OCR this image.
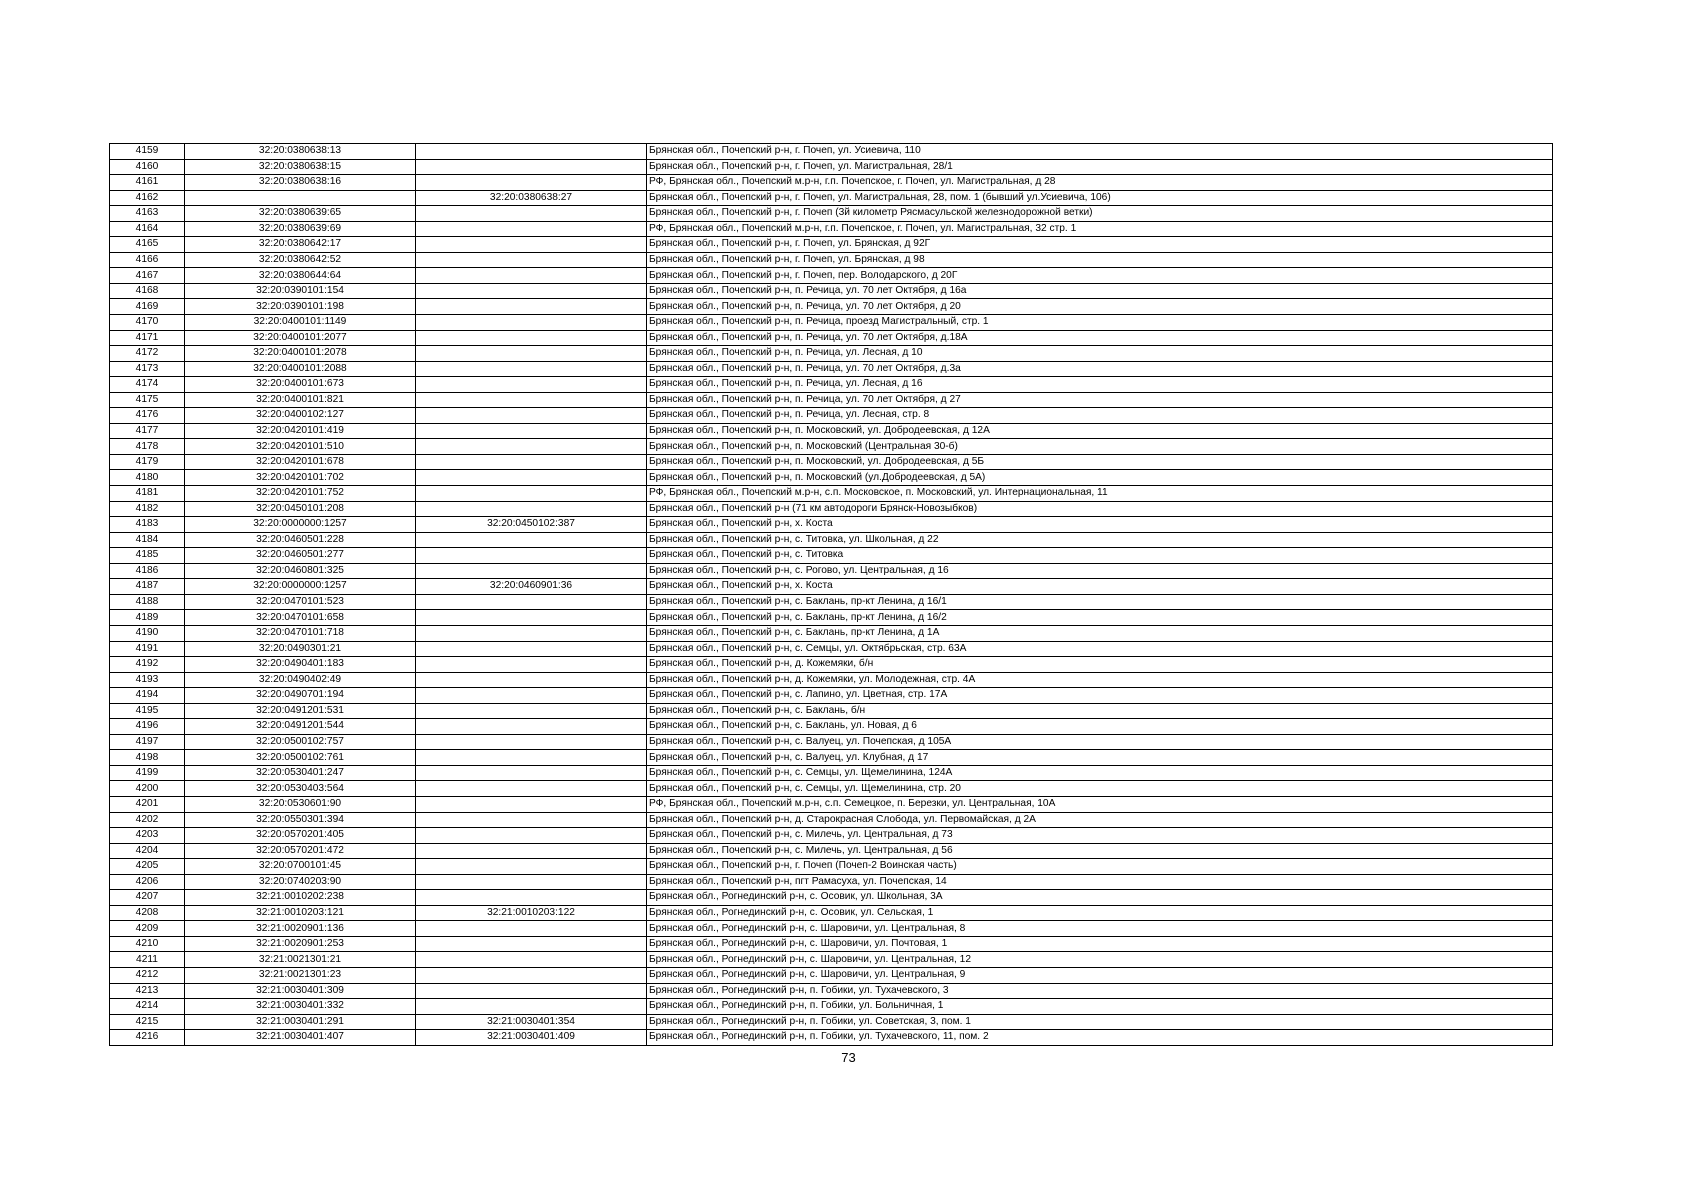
4159	32:20:0380638:13		Брянская обл., Почепский р-н, г. Почеп, ул. Усиевича, 110
4160	32:20:0380638:15		Брянская обл., Почепский р-н, г. Почеп, ул. Магистральная, 28/1
4161	32:20:0380638:16		РФ, Брянская обл., Почепский м.р-н, г.п. Почепское, г. Почеп, ул. Магистральная, д 28
4162		32:20:0380638:27	Брянская обл., Почепский р-н, г. Почеп, ул. Магистральная, 28, пом. 1 (бывший ул.Усиевича, 106)
4163	32:20:0380639:65		Брянская обл., Почепский р-н, г. Почеп (3й километр Рясмасульской железнодорожной ветки)
4164	32:20:0380639:69		РФ, Брянская обл., Почепский м.р-н, г.п. Почепское, г. Почеп, ул. Магистральная, 32 стр. 1
4165	32:20:0380642:17		Брянская обл., Почепский р-н, г. Почеп, ул. Брянская, д 92Г
4166	32:20:0380642:52		Брянская обл., Почепский р-н, г. Почеп, ул. Брянская, д 98
4167	32:20:0380644:64		Брянская обл., Почепский р-н, г. Почеп, пер. Володарского, д 20Г
4168	32:20:0390101:154		Брянская обл., Почепский р-н, п. Речица, ул. 70 лет Октября, д 16а
4169	32:20:0390101:198		Брянская обл., Почепский р-н, п. Речица, ул. 70 лет Октября, д 20
4170	32:20:0400101:1149		Брянская обл., Почепский р-н, п. Речица, проезд Магистральный, стр. 1
4171	32:20:0400101:2077		Брянская обл., Почепский р-н, п. Речица, ул. 70 лет Октября, д.18А
4172	32:20:0400101:2078		Брянская обл., Почепский р-н, п. Речица, ул. Лесная, д 10
4173	32:20:0400101:2088		Брянская обл., Почепский р-н, п. Речица, ул. 70 лет Октября, д.3а
4174	32:20:0400101:673		Брянская обл., Почепский р-н, п. Речица, ул. Лесная, д 16
4175	32:20:0400101:821		Брянская обл., Почепский р-н, п. Речица, ул. 70 лет Октября, д 27
4176	32:20:0400102:127		Брянская обл., Почепский р-н, п. Речица, ул. Лесная, стр. 8
4177	32:20:0420101:419		Брянская обл., Почепский р-н, п. Московский, ул. Добродеевская, д 12А
4178	32:20:0420101:510		Брянская обл., Почепский р-н, п. Московский (Центральная 30-б)
4179	32:20:0420101:678		Брянская обл., Почепский р-н, п. Московский, ул. Добродеевская, д 5Б
4180	32:20:0420101:702		Брянская обл., Почепский р-н, п. Московский (ул.Добродеевская, д 5А)
4181	32:20:0420101:752		РФ, Брянская обл., Почепский м.р-н, с.п. Московское, п. Московский, ул. Интернациональная, 11
4182	32:20:0450101:208		Брянская обл., Почепский р-н (71 км автодороги Брянск-Новозыбков)
4183	32:20:0000000:1257	32:20:0450102:387	Брянская обл., Почепский р-н, х. Коста
4184	32:20:0460501:228		Брянская обл., Почепский р-н, с. Титовка, ул. Школьная, д 22
4185	32:20:0460501:277		Брянская обл., Почепский р-н, с. Титовка
4186	32:20:0460801:325		Брянская обл., Почепский р-н, с. Рогово, ул. Центральная, д 16
4187	32:20:0000000:1257	32:20:0460901:36	Брянская обл., Почепский р-н, х. Коста
4188	32:20:0470101:523		Брянская обл., Почепский р-н, с. Баклань, пр-кт Ленина, д 16/1
4189	32:20:0470101:658		Брянская обл., Почепский р-н, с. Баклань, пр-кт Ленина, д 16/2
4190	32:20:0470101:718		Брянская обл., Почепский р-н, с. Баклань, пр-кт Ленина, д 1А
4191	32:20:0490301:21		Брянская обл., Почепский р-н, с. Семцы, ул. Октябрьская, стр. 63А
4192	32:20:0490401:183		Брянская обл., Почепский р-н, д. Кожемяки, б/н
4193	32:20:0490402:49		Брянская обл., Почепский р-н, д. Кожемяки, ул. Молодежная, стр. 4А
4194	32:20:0490701:194		Брянская обл., Почепский р-н, с. Лапино, ул. Цветная, стр. 17А
4195	32:20:0491201:531		Брянская обл., Почепский р-н, с. Баклань, б/н
4196	32:20:0491201:544		Брянская обл., Почепский р-н, с. Баклань, ул. Новая, д 6
4197	32:20:0500102:757		Брянская обл., Почепский р-н, с. Валуец, ул. Почепская, д 105А
4198	32:20:0500102:761		Брянская обл., Почепский р-н, с. Валуец, ул. Клубная, д 17
4199	32:20:0530401:247		Брянская обл., Почепский р-н, с. Семцы, ул. Щемелинина, 124А
4200	32:20:0530403:564		Брянская обл., Почепский р-н, с. Семцы, ул. Щемелинина, стр. 20
4201	32:20:0530601:90		РФ, Брянская обл., Почепский м.р-н, с.п. Семецкое, п. Березки, ул. Центральная, 10А
4202	32:20:0550301:394		Брянская обл., Почепский р-н, д. Старокрасная Слобода, ул. Первомайская, д 2А
4203	32:20:0570201:405		Брянская обл., Почепский р-н, с. Милечь, ул. Центральная, д 73
4204	32:20:0570201:472		Брянская обл., Почепский р-н, с. Милечь, ул. Центральная, д 56
4205	32:20:0700101:45		Брянская обл., Почепский р-н, г. Почеп (Почеп-2 Воинская часть)
4206	32:20:0740203:90		Брянская обл., Почепский р-н, пгт Рамасуха, ул. Почепская, 14
4207	32:21:0010202:238		Брянская обл., Рогнединский р-н, с. Осовик, ул. Школьная, 3А
4208	32:21:0010203:121	32:21:0010203:122	Брянская обл., Рогнединский р-н, с. Осовик, ул. Сельская, 1
4209	32:21:0020901:136		Брянская обл., Рогнединский р-н, с. Шаровичи, ул. Центральная, 8
4210	32:21:0020901:253		Брянская обл., Рогнединский р-н, с. Шаровичи, ул. Почтовая, 1
4211	32:21:0021301:21		Брянская обл., Рогнединский р-н, с. Шаровичи, ул. Центральная, 12
4212	32:21:0021301:23		Брянская обл., Рогнединский р-н, с. Шаровичи, ул. Центральная, 9
4213	32:21:0030401:309		Брянская обл., Рогнединский р-н, п. Гобики, ул. Тухачевского, 3
4214	32:21:0030401:332		Брянская обл., Рогнединский р-н, п. Гобики, ул. Больничная, 1
4215	32:21:0030401:291	32:21:0030401:354	Брянская обл., Рогнединский р-н, п. Гобики, ул. Советская, 3, пом. 1
4216	32:21:0030401:407	32:21:0030401:409	Брянская обл., Рогнединский р-н, п. Гобики, ул. Тухачевского, 11, пом. 2
73
